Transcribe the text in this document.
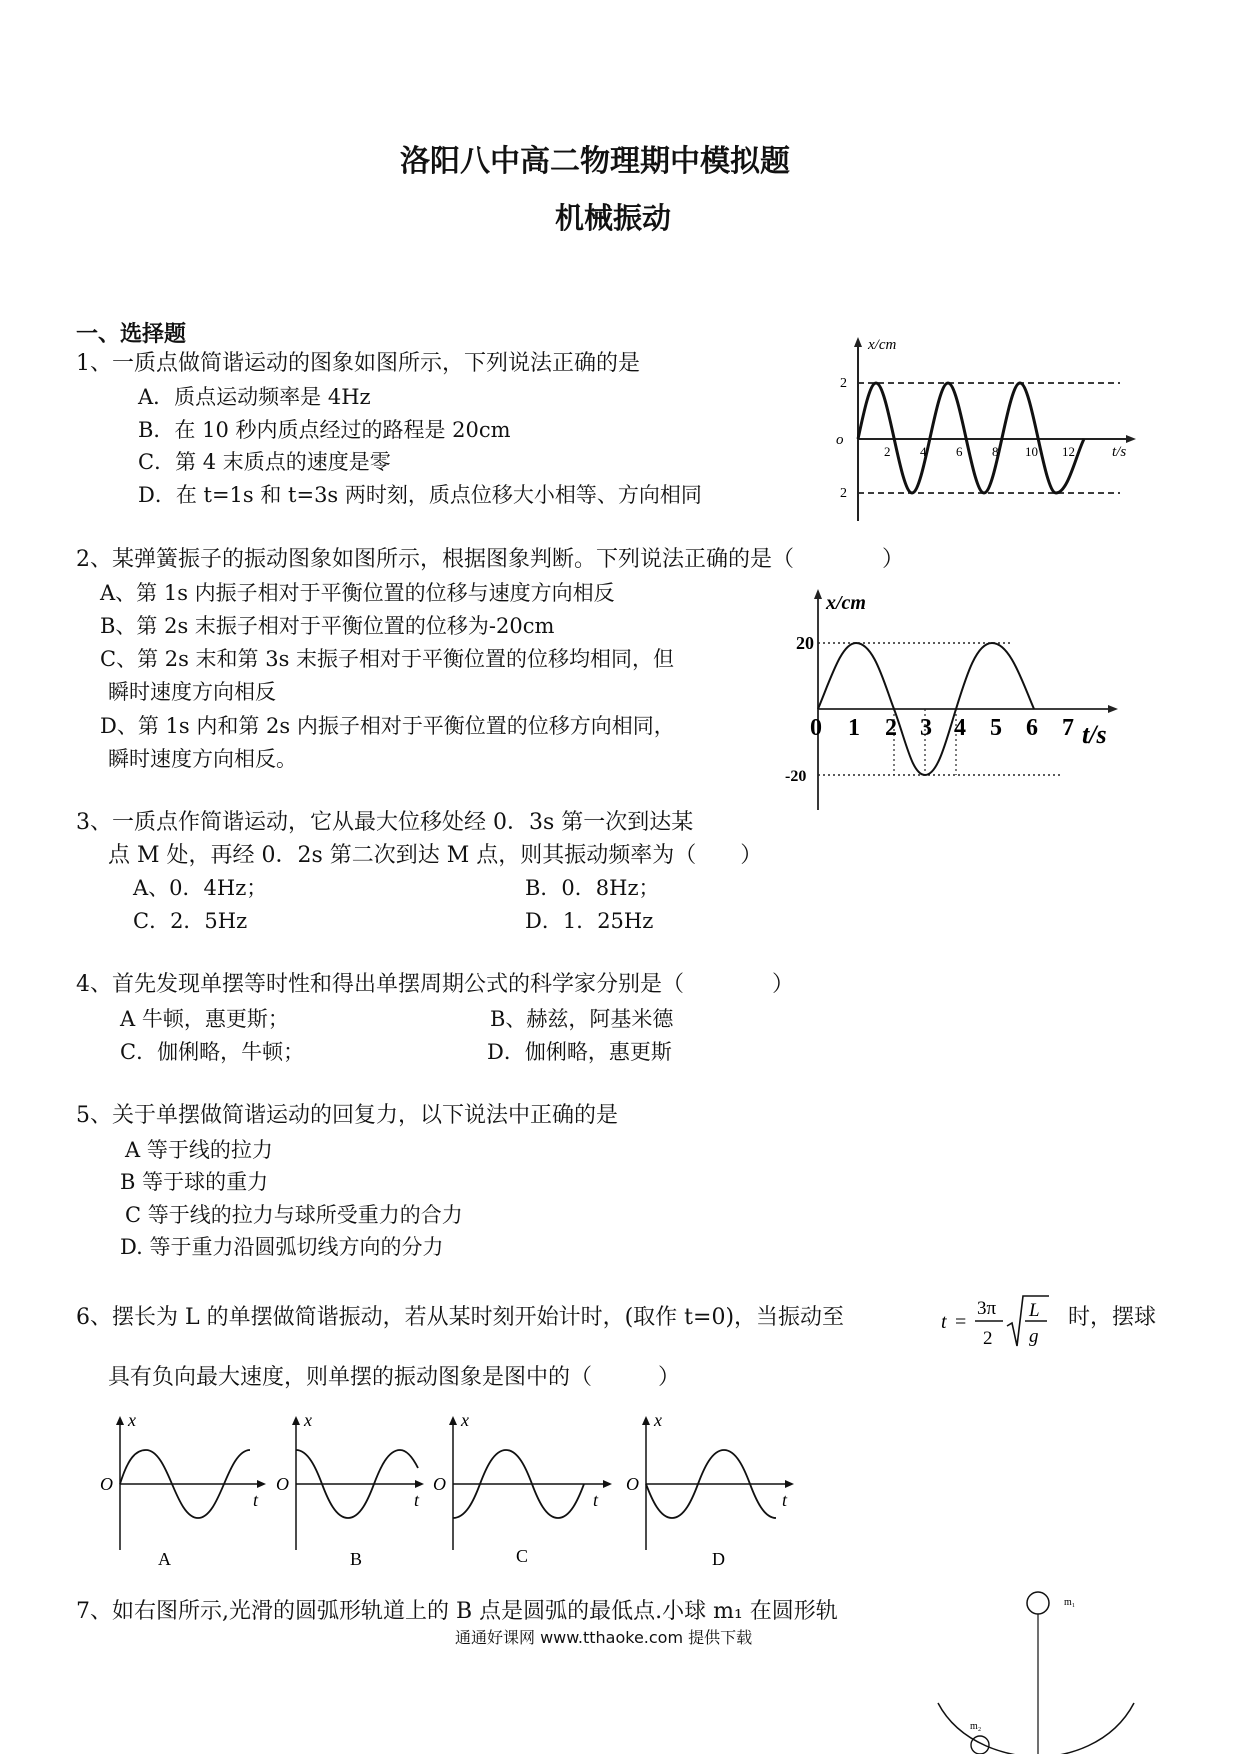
洛阳八中高二物理期中模拟题
机械振动
一、选择题
1、一质点做简谐运动的图象如图所示，下列说法正确的是
A．质点运动频率是 4Hz
B．在 10 秒内质点经过的路程是 20cm
C．第 4 末质点的速度是零
D．在 t=1s 和 t=3s 两时刻，质点位移大小相等、方向相同
x/cm
t/s
o
2
2
2 4 6 8 10 12
2、某弹簧振子的振动图象如图所示，根据图象判断。下列说法正确的是（　　　　）
A、第 1s 内振子相对于平衡位置的位移与速度方向相反
B、第 2s 末振子相对于平衡位置的位移为-20cm
C、第 2s 末和第 3s 末振子相对于平衡位置的位移均相同，但
瞬时速度方向相反
D、第 1s 内和第 2s 内振子相对于平衡位置的位移方向相同，
瞬时速度方向相反。
x/cm
t/s
20
-20
0 1 2 3 4 5 6 7
3、一质点作简谐运动，它从最大位移处经 0．3s 第一次到达某
点 M 处，再经 0．2s 第二次到达 M 点，则其振动频率为（　　）
A、0．4Hz；	B．0．8Hz；
C．2．5Hz	D．1．25Hz
4、首先发现单摆等时性和得出单摆周期公式的科学家分别是（　　　　）
A 牛顿，惠更斯；	B、赫兹，阿基米德
C．伽俐略，牛顿；	D．伽俐略，惠更斯
5、关于单摆做简谐运动的回复力，以下说法中正确的是
A 等于线的拉力
B 等于球的重力
C 等于线的拉力与球所受重力的合力
D. 等于重力沿圆弧切线方向的分力
6、摆长为 L 的单摆做简谐振动，若从某时刻开始计时，(取作 t=0)，当振动至	t =
3π
2
L
g
时，摆球
具有负向最大速度，则单摆的振动图象是图中的（　　　）
x
t
O
A
x
t
O
B
x
t
O
C
x
t
O
D
7、如右图所示,光滑的圆弧形轨道上的 B 点是圆弧的最低点.小球 m₁ 在圆形轨	m₁
m₂
通通好课网 www.tthaoke.com 提供下载
